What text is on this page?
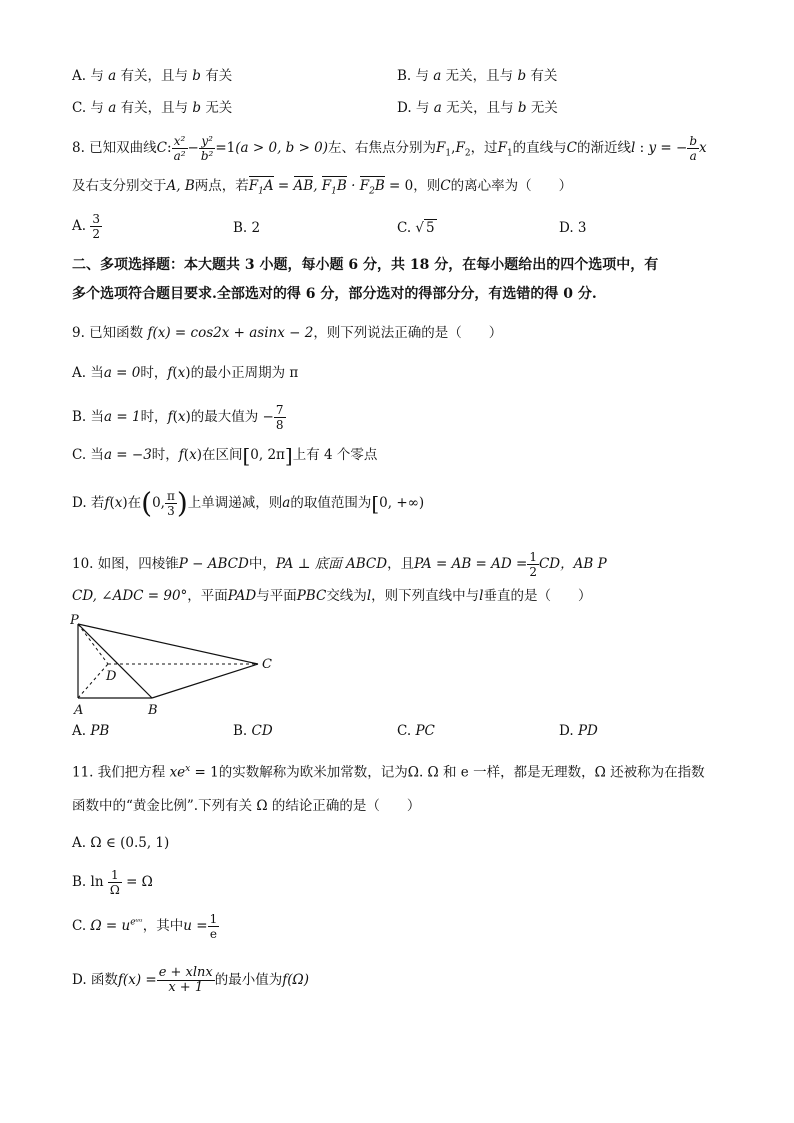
A. 与 a 有关，且与 b 有关	B. 与 a 无关，且与 b 有关
C. 与 a 有关，且与 b 无关	D. 与 a 无关，且与 b 无关
8. 已知双曲线C: $\frac{\text{x²}}{\text{a²}} - \frac{\text{y²}}{\text{b²}} =1(a > 0$, b > 0)左、右焦点分别为$F_1,F_2$，过$F_1$的直线与C的渐近线l : y = − $\frac{b}{a}$ x
及右支分别交于A, B两点，若$F_1A$ = AB, $F_1B \cdot F_2B = 0$，则C的离心率为（　　）
A. $\frac{3}{2}$	B. 2	C. √ 5	D. 3
二、多项选择题：本大题共 3 小题，每小题 6 分，共 18 分，在每小题给出的四个选项中，有
多个选项符合题目要求.全部选对的得 6 分，部分选对的得部分分，有选错的得 0 分.
9. 已知函数 f(x) = cos2x + asinx − 2，则下列说法正确的是（　　）
A. 当a = 0时，f(x)的最小正周期为 π
B. 当a = 1时，f(x)的最大值为 − $\frac{7}{8}$
C. 当a = −3时，f(x)在区间[0, 2π]上有 4 个零点
D. 若f(x)在(0, $\frac{\pi}{3}$ )上单调递减，则a的取值范围为[0, +∞)
10. 如图，四棱锥P − ABCD中，PA ⊥ 底面 ABCD，且PA = AB = AD = $\frac{1}{2}$ CD，AB P
CD, ∠ADC = 90°，平面PAD与平面PBC交线为l，则下列直线中与l垂直的是（　　）
P
D
C
A	B
A. PB	B. CD	C. PC	D. PD
11. 我们把方程 $xe^x = 1$的实数解称为欧米加常数，记为Ω. Ω 和 e 一样，都是无理数，Ω 还被称为在指数
函数中的“黄金比例”.下列有关 Ω 的结论正确的是（　　）
A. Ω ∈ (0.5, 1)
B. $\ln \frac{1}{\Omega} = \Omega$
C. $\Omega = u^{eᵘᵘ}$，其中$u = \frac{1}{e}$
D. 函数$f(x) = \frac{e + xlnx}{x + 1}$ 的最小值为f(Ω)
